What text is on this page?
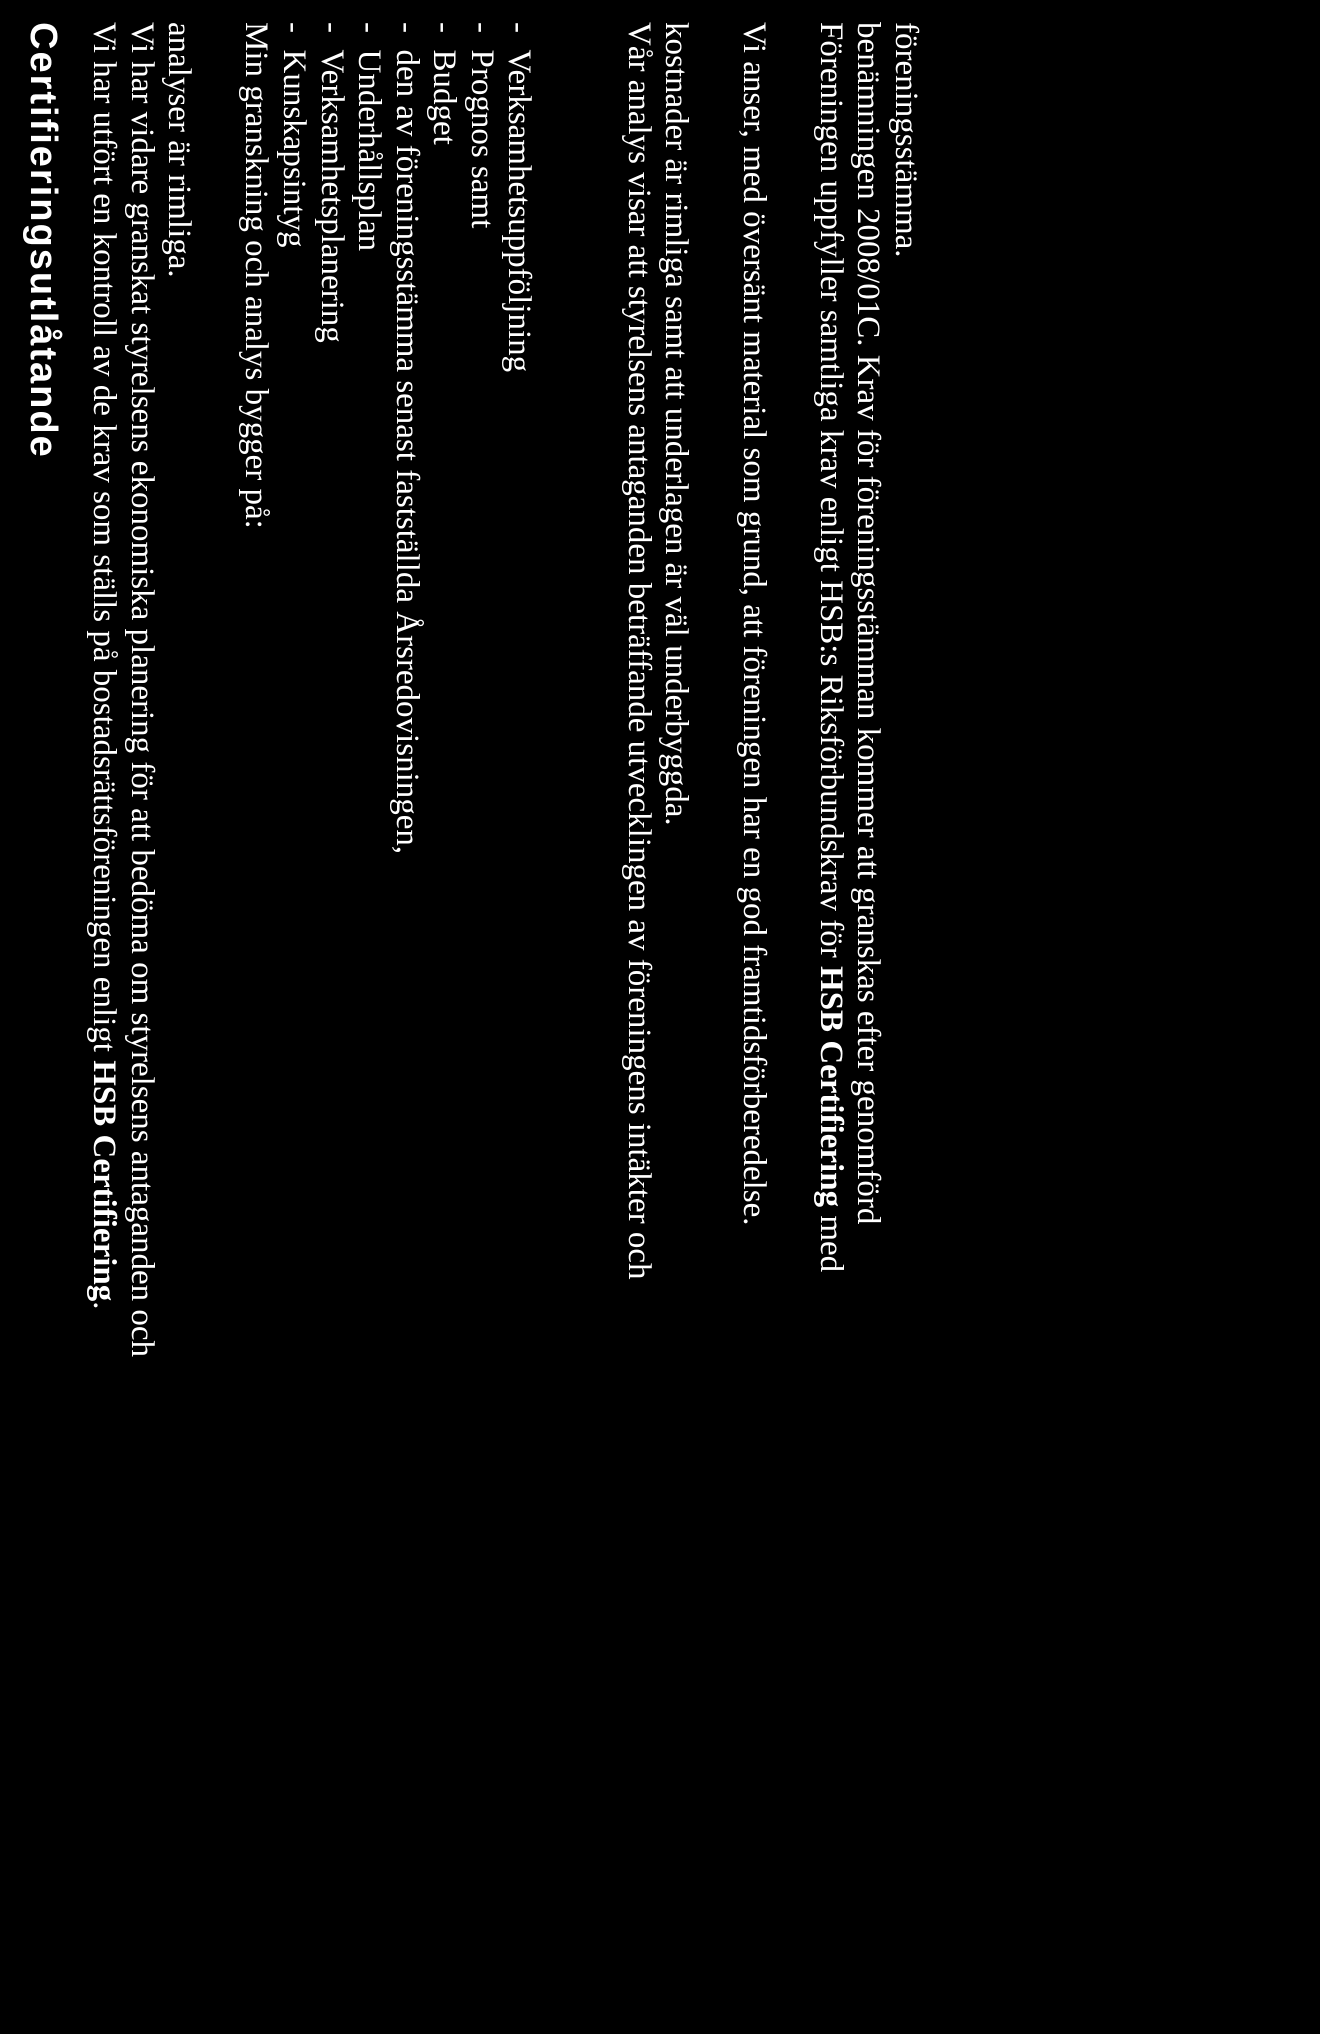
Certifieringsutlåtande Vi har utfört en kontroll av de krav som ställs på bostadsrättsföreningen enligt HSB Certifiering. Vi har vidare granskat styrelsens ekonomiska planering för att bedöma om styrelsens antaganden och analyser är rimliga. Min granskning och analys bygger på: -  Kunskapsintyg
-  Verksamhetsplanering
-  Underhållsplan
-  den av föreningsstämma senast fastställda Årsredovisningen,
-  Budget
-  Prognos samt
-  Verksamhetsuppföljning	Vår analys visar att styrelsens antaganden beträffande utvecklingen av föreningens intäkter och kostnader är rimliga samt att underlagen är väl underbyggda. Vi anser, med översänt material som grund, att föreningen har en god framtidsförberedelse. Föreningen uppfyller samtliga krav enligt HSB:s Riksförbundskrav för HSB Certifiering med
benämningen 2008/01C. Krav för föreningsstämman kommer att granskas efter genomförd föreningsstämma.
